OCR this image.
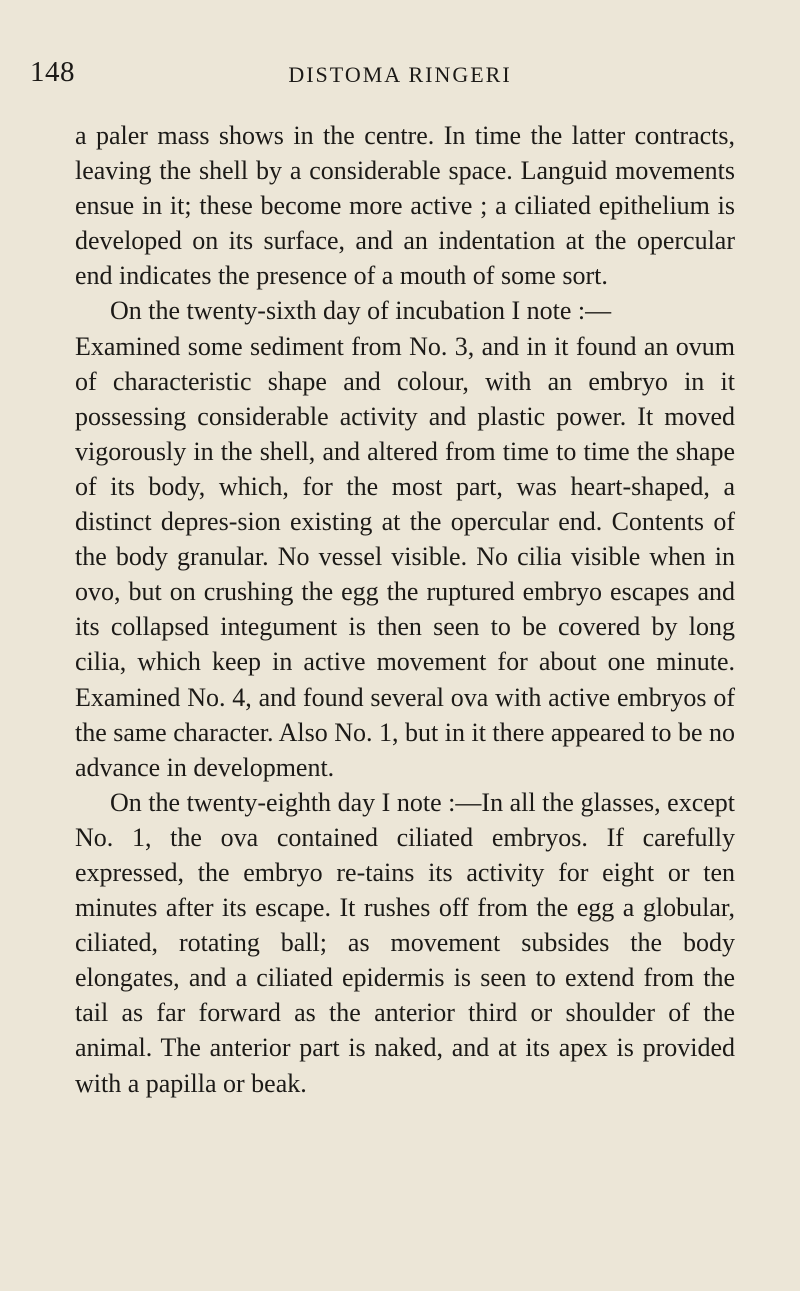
148	DISTOMA RINGERI

a paler mass shows in the centre. In time the latter contracts, leaving the shell by a considerable space. Languid movements ensue in it; these become more active ; a ciliated epithelium is developed on its surface, and an indentation at the opercular end indicates the presence of a mouth of some sort.

On the twenty-sixth day of incubation I note :—

Examined some sediment from No. 3, and in it found an ovum of characteristic shape and colour, with an embryo in it possessing considerable activity and plastic power. It moved vigorously in the shell, and altered from time to time the shape of its body, which, for the most part, was heart-shaped, a distinct depres-sion existing at the opercular end. Contents of the body granular. No vessel visible. No cilia visible when in ovo, but on crushing the egg the ruptured embryo escapes and its collapsed integument is then seen to be covered by long cilia, which keep in active movement for about one minute. Examined No. 4, and found several ova with active embryos of the same character. Also No. 1, but in it there appeared to be no advance in development.

On the twenty-eighth day I note :—In all the glasses, except No. 1, the ova contained ciliated embryos. If carefully expressed, the embryo re-tains its activity for eight or ten minutes after its escape. It rushes off from the egg a globular, ciliated, rotating ball; as movement subsides the body elongates, and a ciliated epidermis is seen to extend from the tail as far forward as the anterior third or shoulder of the animal. The anterior part is naked, and at its apex is provided with a papilla or beak.
